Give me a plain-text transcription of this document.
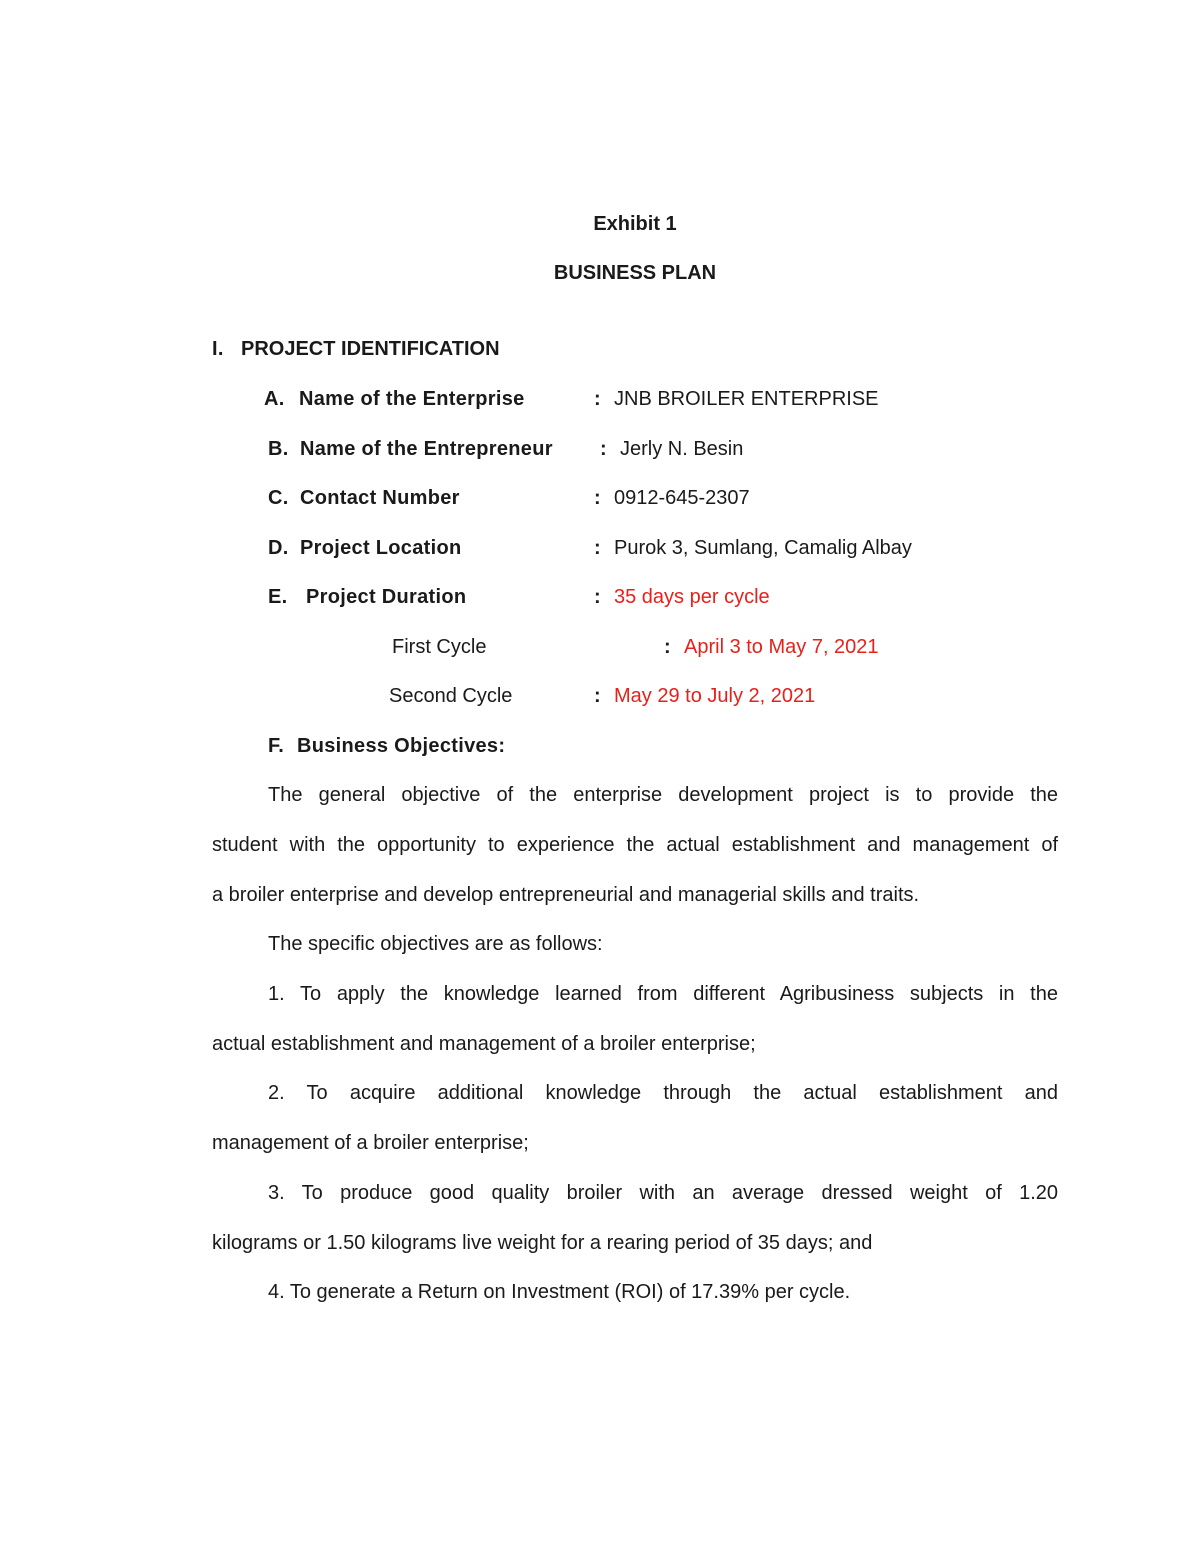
Exhibit 1
BUSINESS PLAN
I. PROJECT IDENTIFICATION
A. Name of the Enterprise	: JNB BROILER ENTERPRISE
B. Name of the Entrepreneur : Jerly N. Besin
C. Contact Number	: 0912-645-2307
D. Project Location	: Purok 3, Sumlang, Camalig Albay
E. Project Duration	: 35 days per cycle
First Cycle	: April 3 to May 7, 2021
Second Cycle	: May 29 to July 2, 2021
F. Business Objectives:
The general objective of the enterprise development project is to provide the
student with the opportunity to experience the actual establishment and management of
a broiler enterprise and develop entrepreneurial and managerial skills and traits.
The specific objectives are as follows:
1. To apply the knowledge learned from different Agribusiness subjects in the
actual establishment and management of a broiler enterprise;
2. To acquire additional knowledge through the actual establishment and
management of a broiler enterprise;
3. To produce good quality broiler with an average dressed weight of 1.20
kilograms or 1.50 kilograms live weight for a rearing period of 35 days; and
4. To generate a Return on Investment (ROI) of 17.39% per cycle.
